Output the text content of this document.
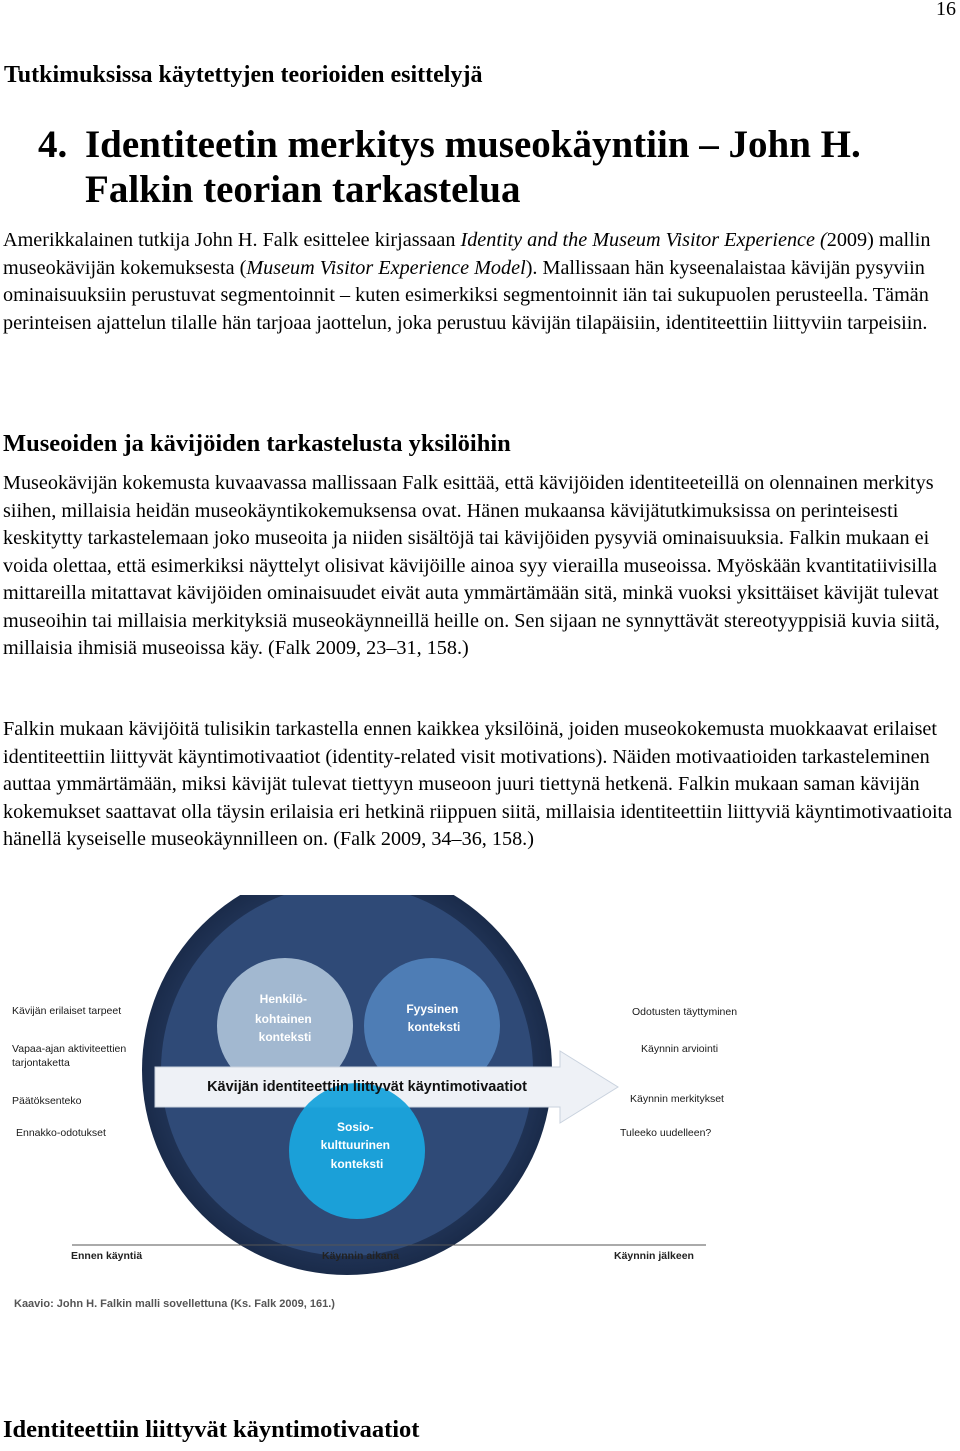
16
Tutkimuksissa käytettyjen teorioiden esittelyjä
4. Identiteetin merkitys museokäyntiin – John H.
Falkin teorian tarkastelua

Amerikkalainen tutkija John H. Falk esittelee kirjassaan Identity and the Museum Visitor Experience (2009) mallin museokävijän kokemuksesta (Museum Visitor Experience Model). Mallissaan hän kyseenalaistaa kävijän pysyviin ominaisuuksiin perustuvat segmentoinnit – kuten esimerkiksi segmentoinnit iän tai sukupuolen perusteella. Tämän perinteisen ajattelun tilalle hän tarjoaa jaottelun, joka perustuu kävijän tilapäisiin, identiteettiin liittyviin tarpeisiin.

Museoiden ja kävijöiden tarkastelusta yksilöihin

Museokävijän kokemusta kuvaavassa mallissaan Falk esittää, että kävijöiden identiteeteillä on olennainen merkitys siihen, millaisia heidän museokäyntikokemuksensa ovat. Hänen mukaansa kävijätutkimuksissa on perinteisesti keskitytty tarkastelemaan joko museoita ja niiden sisältöjä tai kävijöiden pysyviä ominaisuuksia. Falkin mukaan ei voida olettaa, että esimerkiksi näyttelyt olisivat kävijöille ainoa syy vierailla museoissa. Myöskään kvantitatiivisilla mittareilla mitattavat kävijöiden ominaisuudet eivät auta ymmärtämään sitä, minkä vuoksi yksittäiset kävijät tulevat museoihin tai millaisia merkityksiä museokäynneillä heille on. Sen sijaan ne synnyttävät stereotyyppisiä kuvia siitä, millaisia ihmisiä museoissa käy. (Falk 2009, 23–31, 158.)

Falkin mukaan kävijöitä tulisikin tarkastella ennen kaikkea yksilöinä, joiden museokokemusta muokkaavat erilaiset identiteettiin liittyvät käyntimotivaatiot (identity-related visit motivations). Näiden motivaatioiden tarkasteleminen auttaa ymmärtämään, miksi kävijät tulevat tiettyyn museoon juuri tiettynä hetkenä. Falkin mukaan saman kävijän kokemukset saattavat olla täysin erilaisia eri hetkinä riippuen siitä, millaisia identiteettiin liittyviä käyntimotivaatioita hänellä kyseiselle museokäynnilleen on. (Falk 2009, 34–36, 158.)

Henkilö- kohtainen konteksti
Fyysinen konteksti
Sosio- kulttuurinen konteksti
Kävijän identiteettiin liittyvät käyntimotivaatiot
Kävijän erilaiset tarpeet
Vapaa-ajan aktiviteettien
tarjontaketta
Päätöksenteko
Ennakko-odotukset
Odotusten täyttyminen
Käynnin arviointi
Käynnin merkitykset
Tuleeko uudelleen?
Ennen käyntiä	Käynnin aikana	Käynnin jälkeen
Kaavio: John H. Falkin malli sovellettuna (Ks. Falk 2009, 161.)
Identiteettiin liittyvät käyntimotivaatiot
